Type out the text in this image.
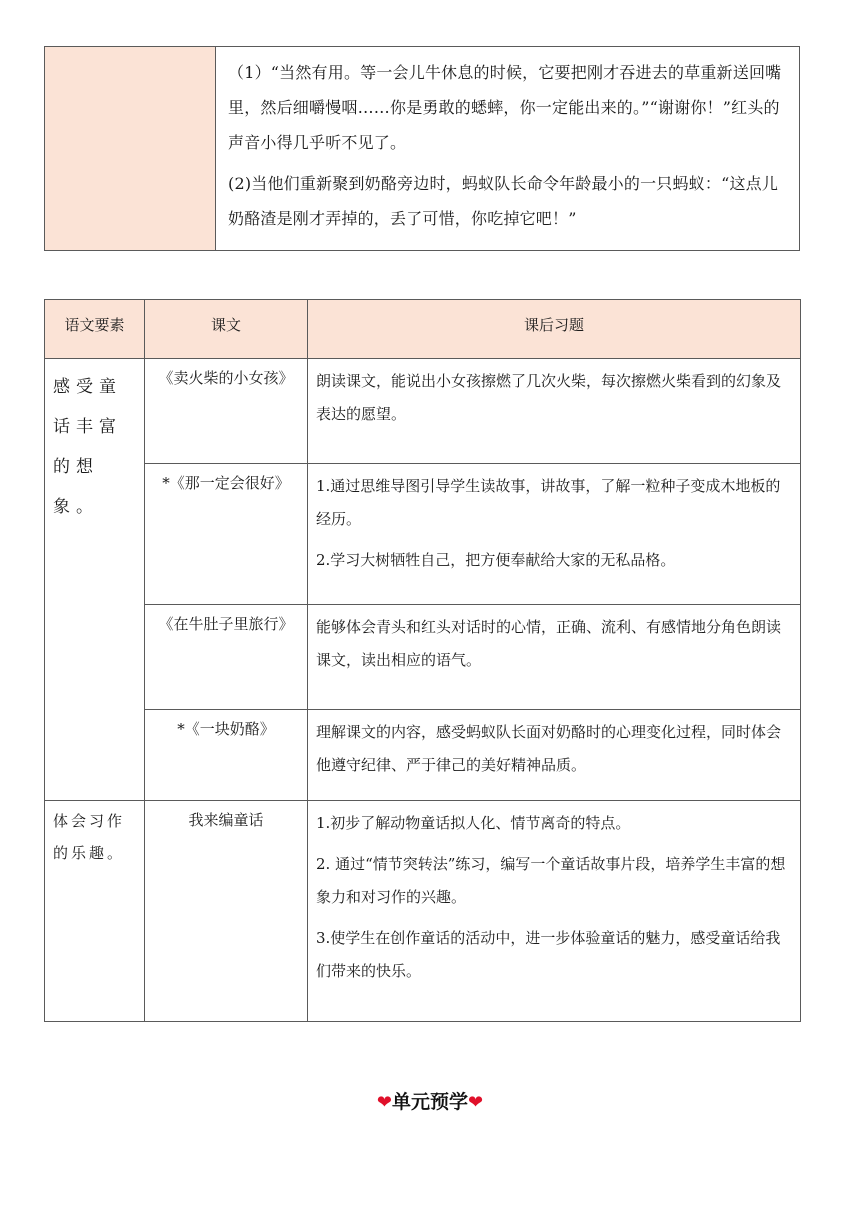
（1）“当然有用。等一会儿牛休息的时候，它要把刚才吞进去的草重新送回嘴里，然后细嚼慢咽……你是勇敢的蟋蟀，你一定能出来的。”“谢谢你！”红头的声音小得几乎听不见了。

(2)当他们重新聚到奶酪旁边时，蚂蚁队长命令年龄最小的一只蚂蚁：“这点儿奶酪渣是刚才弄掉的，丢了可惜，你吃掉它吧！”

语文要素	课文	课后习题
感受童话丰富的想象。	《卖火柴的小女孩》	朗读课文，能说出小女孩擦燃了几次火柴，每次擦燃火柴看到的幻象及表达的愿望。

	*《那一定会很好》	1.通过思维导图引导学生读故事，讲故事，了解一粒种子变成木地板的经历。

2.学习大树牺牲自己，把方便奉献给大家的无私品格。

	《在牛肚子里旅行》	能够体会青头和红头对话时的心情，正确、流利、有感情地分角色朗读课文，读出相应的语气。

	*《一块奶酪》	理解课文的内容，感受蚂蚁队长面对奶酪时的心理变化过程，同时体会他遵守纪律、严于律己的美好精神品质。

体会习作的乐趣。	我来编童话	1.初步了解动物童话拟人化、情节离奇的特点。

2. 通过“情节突转法”练习，编写一个童话故事片段，培养学生丰富的想象力和对习作的兴趣。

3.使学生在创作童话的活动中，进一步体验童话的魅力，感受童话给我们带来的快乐。

❤单元预学❤
